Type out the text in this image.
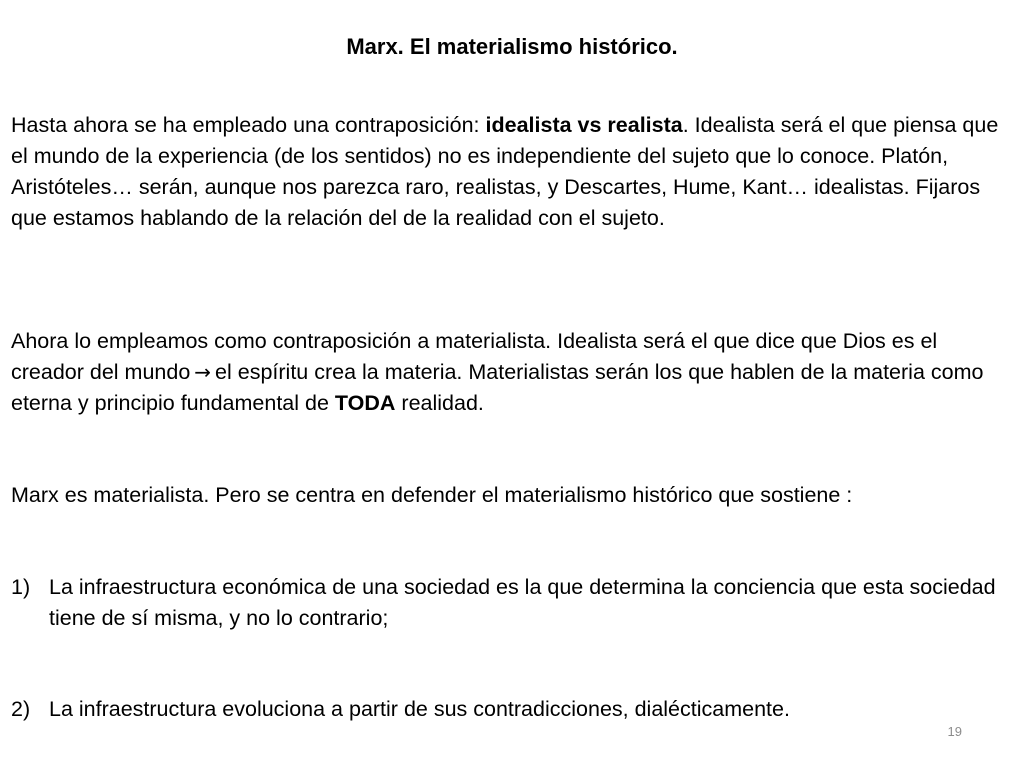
Marx. El materialismo histórico.

Hasta ahora se ha empleado una contraposición: idealista vs realista. Idealista será el que piensa que el mundo de la experiencia (de los sentidos) no es independiente del sujeto que lo conoce. Platón, Aristóteles… serán, aunque nos parezca raro, realistas, y Descartes, Hume, Kant… idealistas. Fijaros que estamos hablando de la relación del de la realidad con el sujeto.

Ahora lo empleamos como contraposición a materialista. Idealista será el que dice que Dios es el creador del mundo → el espíritu crea la materia. Materialistas serán los que hablen de la materia como eterna y principio fundamental de TODA realidad.

Marx es materialista. Pero se centra en defender el materialismo histórico que sostiene :

1) La infraestructura económica de una sociedad es la que determina la conciencia que esta sociedad tiene de sí misma, y no lo contrario;
2) La infraestructura evoluciona a partir de sus contradicciones, dialécticamente.
19
